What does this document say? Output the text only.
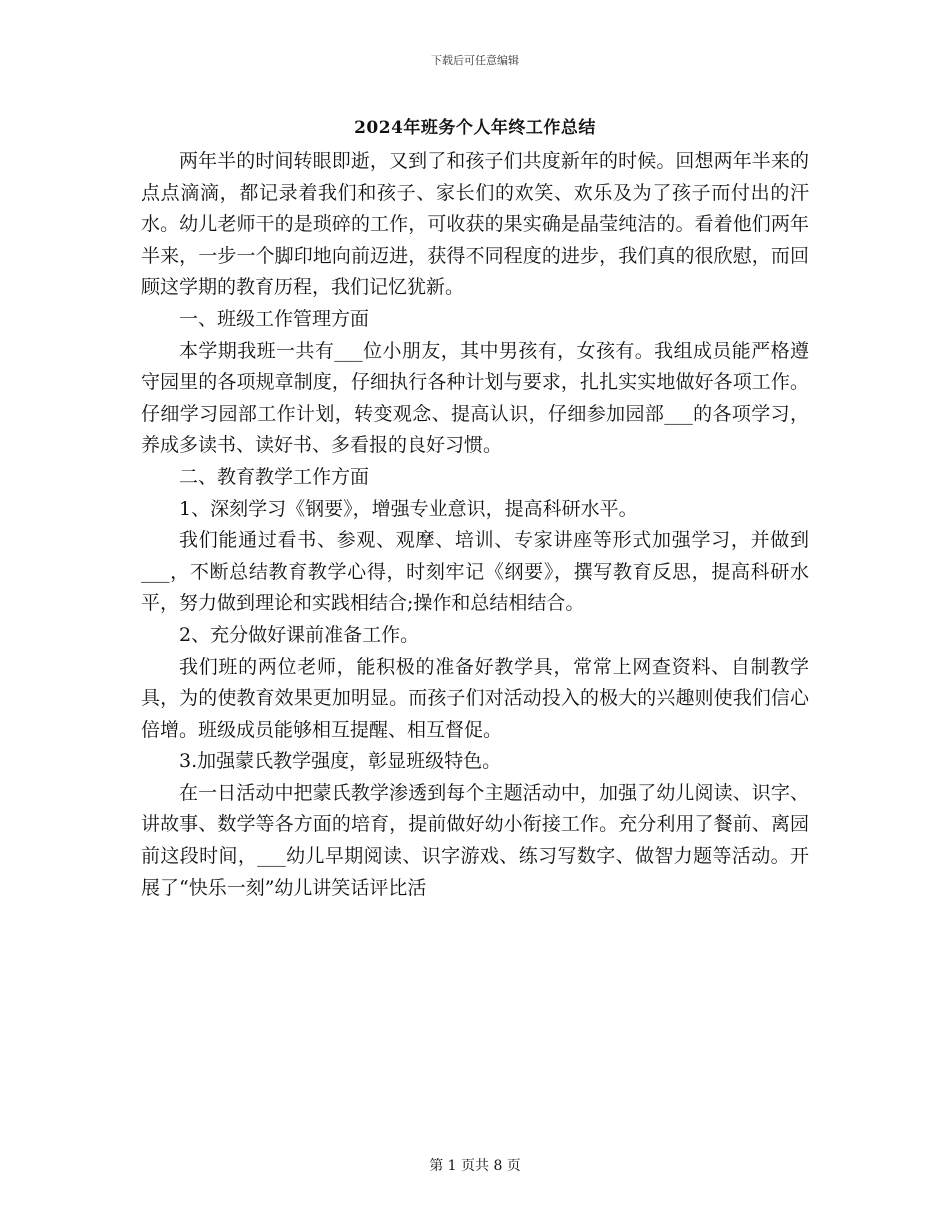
下载后可任意编辑
2024年班务个人年终工作总结

两年半的时间转眼即逝，又到了和孩子们共度新年的时候。回想两年半来的点点滴滴，都记录着我们和孩子、家长们的欢笑、欢乐及为了孩子而付出的汗水。幼儿老师干的是琐碎的工作，可收获的果实确是晶莹纯洁的。看着他们两年半来，一步一个脚印地向前迈进，获得不同程度的进步，我们真的很欣慰，而回顾这学期的教育历程，我们记忆犹新。

一、班级工作管理方面

本学期我班一共有___位小朋友，其中男孩有，女孩有。我组成员能严格遵守园里的各项规章制度，仔细执行各种计划与要求，扎扎实实地做好各项工作。仔细学习园部工作计划，转变观念、提高认识，仔细参加园部___的各项学习，养成多读书、读好书、多看报的良好习惯。

二、教育教学工作方面

1、深刻学习《钢要》，增强专业意识，提高科研水平。

我们能通过看书、参观、观摩、培训、专家讲座等形式加强学习，并做到___，不断总结教育教学心得，时刻牢记《纲要》，撰写教育反思，提高科研水平，努力做到理论和实践相结合;操作和总结相结合。

2、充分做好课前准备工作。

我们班的两位老师，能积极的准备好教学具，常常上网查资料、自制教学具，为的使教育效果更加明显。而孩子们对活动投入的极大的兴趣则使我们信心倍增。班级成员能够相互提醒、相互督促。

3.加强蒙氏教学强度，彰显班级特色。

在一日活动中把蒙氏教学渗透到每个主题活动中，加强了幼儿阅读、识字、讲故事、数学等各方面的培育，提前做好幼小衔接工作。充分利用了餐前、离园前这段时间，___幼儿早期阅读、识字游戏、练习写数字、做智力题等活动。开展了“快乐一刻”幼儿讲笑话评比活

第 1 页共 8 页
